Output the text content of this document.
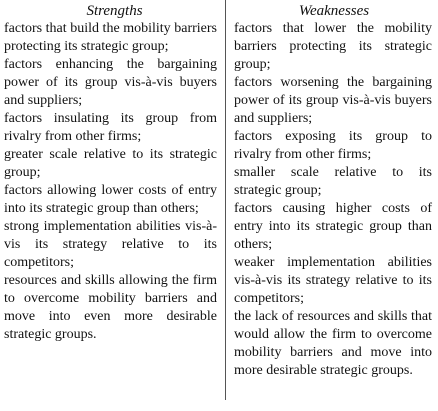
Strengths

factors that build the mobility barriers protecting its strategic group;

factors enhancing the bargaining power of its group vis-à-vis buyers and suppliers;

factors insulating its group from rivalry from other firms;

greater scale relative to its strategic group;

factors allowing lower costs of entry into its strategic group than others;

strong implementation abilities vis-à-vis its strategy relative to its competitors;

resources and skills allowing the firm to overcome mobility barriers and move into even more desirable strategic groups.

Weaknesses

factors that lower the mobility barriers protecting its strategic group;

factors worsening the bargaining power of its group vis-à-vis buyers and suppliers;

factors exposing its group to rivalry from other firms;

smaller scale relative to its strategic group;

factors causing higher costs of entry into its strategic group than others;

weaker implementation abilities vis-à-vis its strategy relative to its competitors;

the lack of resources and skills that would allow the firm to overcome mobility barriers and move into more desirable strategic groups.
